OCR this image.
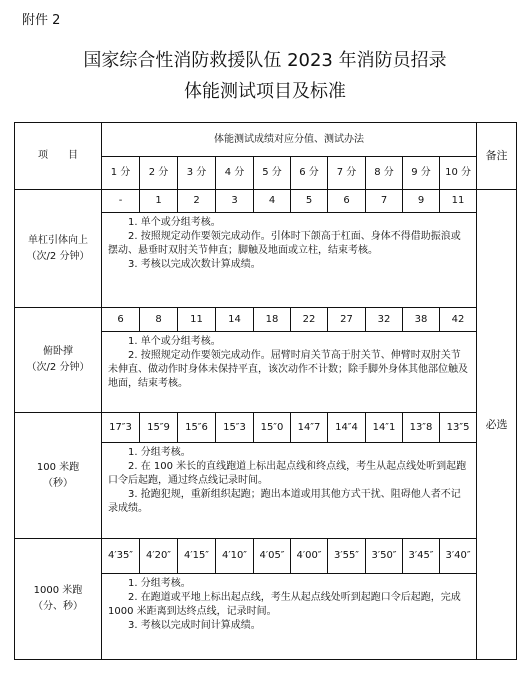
附件 2
国家综合性消防救援队伍 2023 年消防员招录
体能测试项目及标准
项　　目	体能测试成绩对应分值、测试办法										备注
	1 分	2 分	3 分	4 分	5 分	6 分	7 分	8 分	9 分	10 分	

单杠引体向上
（次/2 分钟）	-	1	2	3	4	5	6	7	9	11	必选

	1. 单个或分组考核。
2. 按照规定动作要领完成动作。引体时下颌高于杠面、身体不得借助振浪或摆动、悬垂时双肘关节伸直；脚触及地面或立柱，结束考核。
3. 考核以完成次数计算成绩。										

俯卧撑
（次/2 分钟）	6	8	11	14	18	22	27	32	38	42	

	1. 单个或分组考核。
2. 按照规定动作要领完成动作。屈臂时肩关节高于肘关节、伸臂时双肘关节未伸直、做动作时身体未保持平直，该次动作不计数；除手脚外身体其他部位触及地面，结束考核。										

100 米跑
（秒）	17″3	15″9	15″6	15″3	15″0	14″7	14″4	14″1	13″8	13″5	

	1. 分组考核。
2. 在 100 米长的直线跑道上标出起点线和终点线，考生从起点线处听到起跑口令后起跑，通过终点线记录时间。
3. 抢跑犯规，重新组织起跑；跑出本道或用其他方式干扰、阻碍他人者不记录成绩。										

1000 米跑
（分、秒）	4′35″	4′20″	4′15″	4′10″	4′05″	4′00″	3′55″	3′50″	3′45″	3′40″	

	1. 分组考核。
2. 在跑道或平地上标出起点线，考生从起点线处听到起跑口令后起跑，完成 1000 米距离到达终点线，记录时间。
3. 考核以完成时间计算成绩。										
